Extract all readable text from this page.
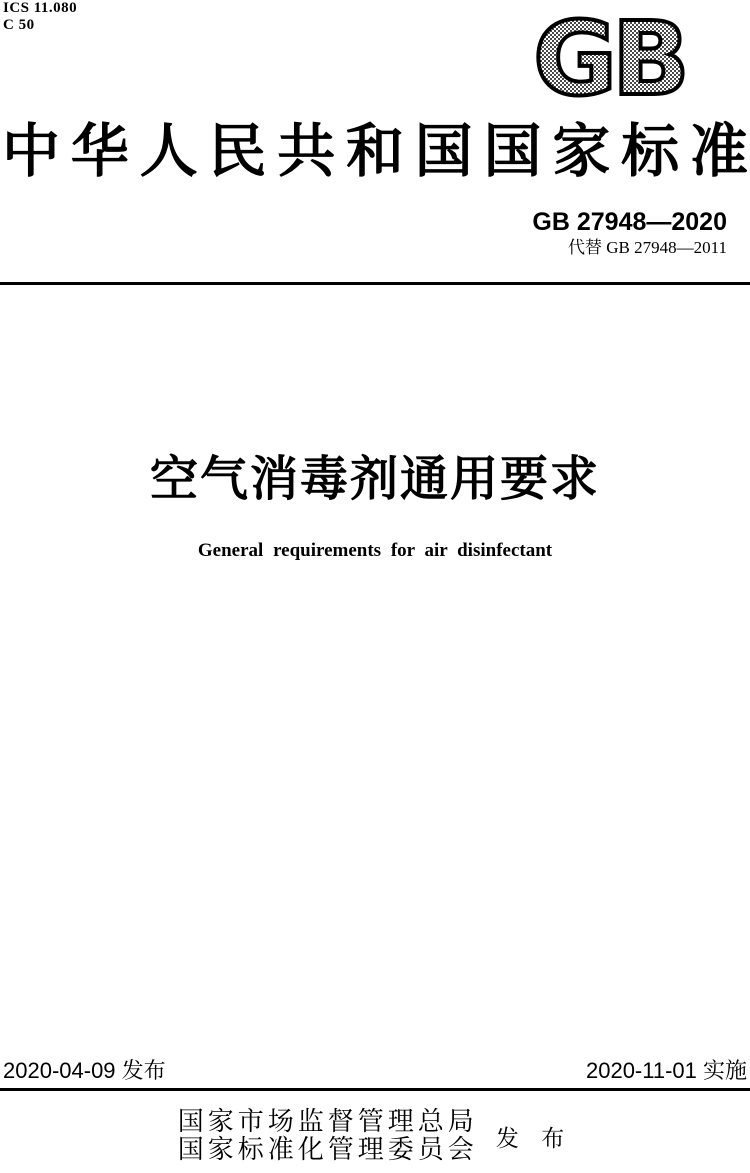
ICS 11.080
C 50	GB
中华人民共和国国家标准
GB 27948—2020
代替 GB 27948—2011
空气消毒剂通用要求
General requirements for air disinfectant
2020-04-09 发布	2020-11-01 实施
国家市场监督管理总局
国家标准化管理委员会 发 布
